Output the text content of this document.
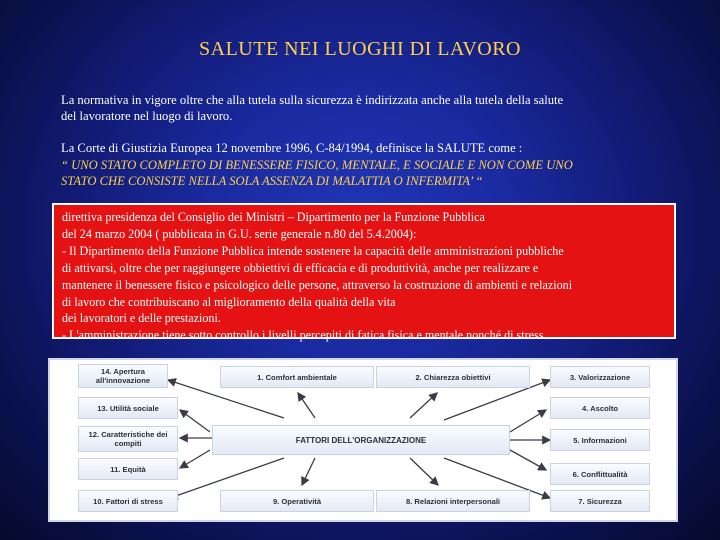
SALUTE NEI LUOGHI DI LAVORO
La normativa in vigore oltre che alla tutela sulla sicurezza è indirizzata anche alla tutela della salute
del lavoratore nel luogo di lavoro.
La Corte di Giustizia Europea 12 novembre 1996, C-84/1994, definisce la SALUTE come :
“ UNO STATO COMPLETO DI BENESSERE FISICO, MENTALE, E SOCIALE E NON COME UNO
STATO CHE CONSISTE NELLA SOLA ASSENZA DI MALATTIA O INFERMITA’ “
direttiva presidenza del Consiglio dei Ministri – Dipartimento per la Funzione Pubblica
del 24 marzo 2004 ( pubblicata in G.U. serie generale n.80 del 5.4.2004):
- Il Dipartimento della Funzione Pubblica intende sostenere la capacità delle amministrazioni pubbliche
di attivarsi, oltre che per raggiungere obbiettivi di efficacia e di produttività, anche per realizzare e
mantenere il benessere fisico e psicologico delle persone, attraverso la costruzione di ambienti e relazioni
di lavoro che contribuiscano al miglioramento della qualità della vita
dei lavoratori e delle prestazioni.
- L'amministrazione tiene sotto controllo i livelli percepiti di fatica fisica e mentale nonché di stress
FATTORI DELL'ORGANIZZAZIONE
14. Apertura
all'innovazione	1. Comfort ambientale	2. Chiarezza obiettivi	3. Valorizzazione
13. Utilità sociale	4. Ascolto
12. Caratteristiche dei
compiti	5. Informazioni
11. Equità
6. Conflittualità
10. Fattori di stress	9. Operatività	8. Relazioni interpersonali	7. Sicurezza
